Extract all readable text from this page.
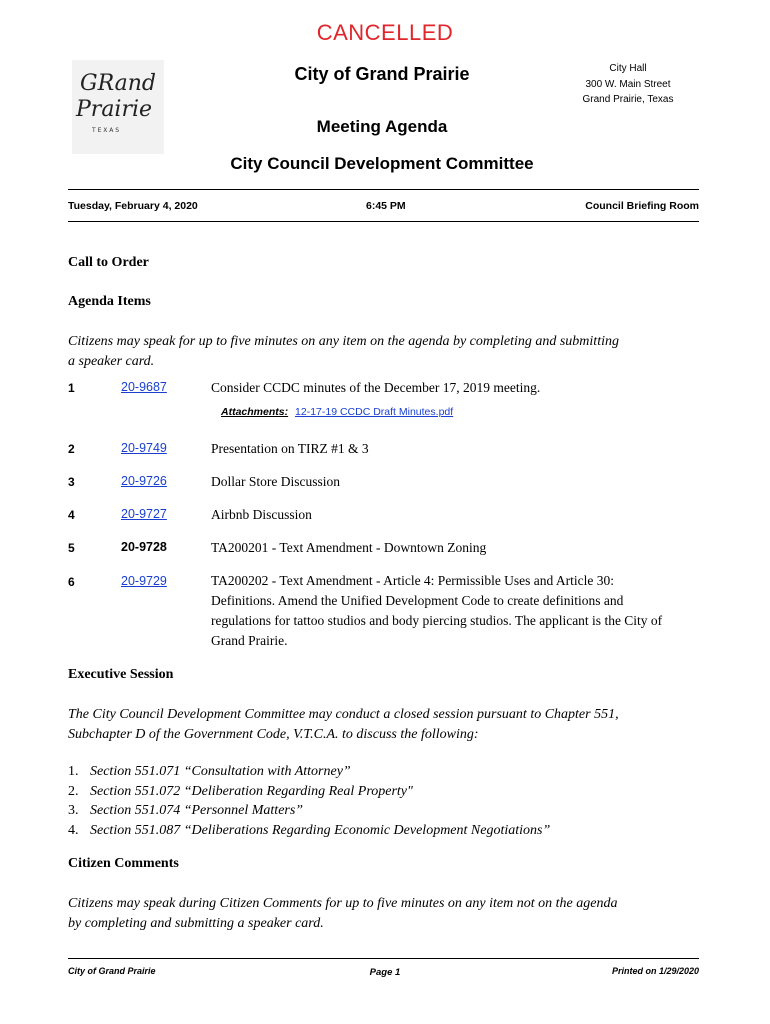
CANCELLED
GRand
Prairie
T E X A S
City of Grand Prairie	City Hall
300 W. Main Street
Grand Prairie, Texas
Meeting Agenda
City Council Development Committee
Tuesday, February 4, 2020	6:45 PM	Council Briefing Room
Call to Order
Agenda Items
Citizens may speak for up to five minutes on any item on the agenda by completing and submitting a speaker card.
1	20-9687	Consider CCDC minutes of the December 17, 2019 meeting.
Attachments: 12-17-19 CCDC Draft Minutes.pdf
2	20-9749	Presentation on TIRZ #1 & 3
3	20-9726	Dollar Store Discussion
4	20-9727	Airbnb Discussion
5	20-9728	TA200201 - Text Amendment - Downtown Zoning
6	20-9729	TA200202 - Text Amendment - Article 4: Permissible Uses and Article 30: Definitions. Amend the Unified Development Code to create definitions and regulations for tattoo studios and body piercing studios. The applicant is the City of Grand Prairie.
Executive Session
The City Council Development Committee may conduct a closed session pursuant to Chapter 551, Subchapter D of the Government Code, V.T.C.A. to discuss the following:
1. Section 551.071 “Consultation with Attorney”
2. Section 551.072 “Deliberation Regarding Real Property"
3. Section 551.074 “Personnel Matters”
4. Section 551.087 “Deliberations Regarding Economic Development Negotiations”
Citizen Comments
Citizens may speak during Citizen Comments for up to five minutes on any item not on the agenda by completing and submitting a speaker card.
City of Grand Prairie	Page 1	Printed on 1/29/2020
